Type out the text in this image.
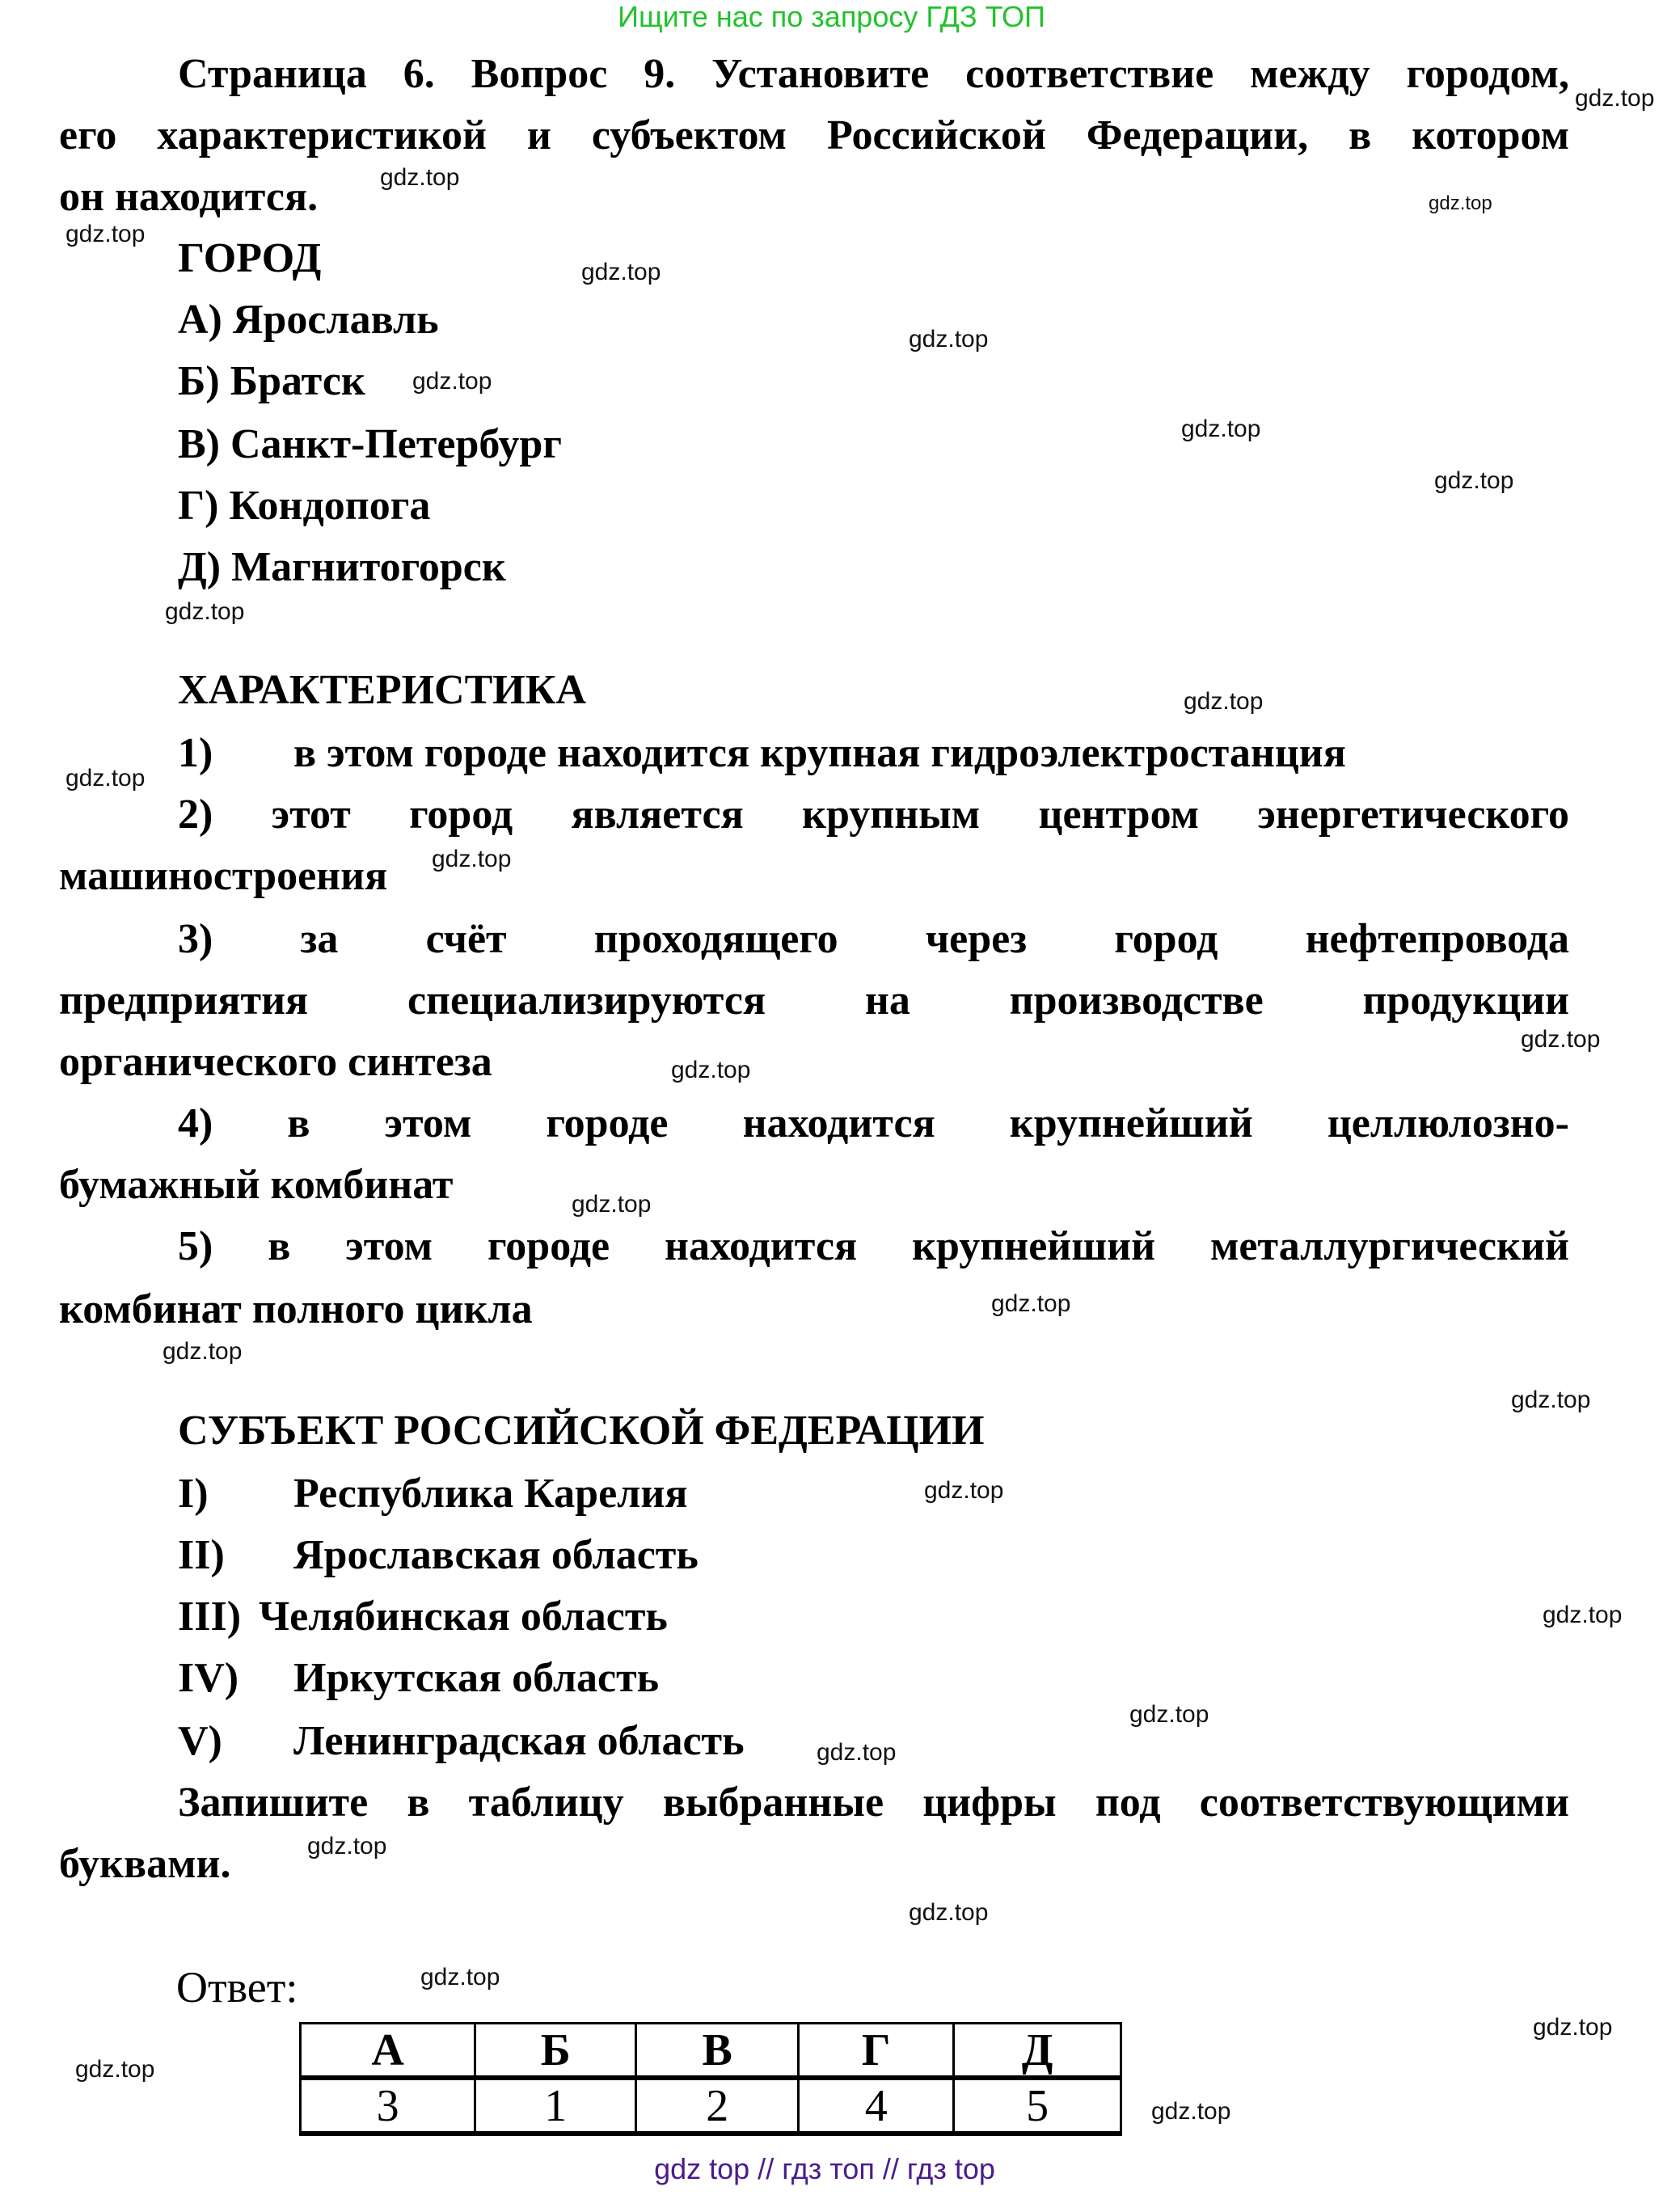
Ищите нас по запросу ГДЗ ТОП
Страница 6. Вопрос 9. Установите соответствие между городом,
его характеристикой и субъектом Российской Федерации, в котором
он находится.
ГОРОД
А) Ярославль
Б) Братск
В) Санкт-Петербург
Г) Кондопога
Д) Магнитогорск
ХАРАКТЕРИСТИКА
1) в этом городе находится крупная гидроэлектростанция
2) этот город является крупным центром энергетического
машиностроения
3) за счёт проходящего через город нефтепровода
предприятия специализируются на производстве продукции
органического синтеза
4) в этом городе находится крупнейший целлюлозно-
бумажный комбинат
5) в этом городе находится крупнейший металлургический
комбинат полного цикла
СУБЪЕКТ РОССИЙСКОЙ ФЕДЕРАЦИИ
I) Республика Карелия
II) Ярославская область
III) Челябинская область
IV) Иркутская область
V) Ленинградская область
Запишите в таблицу выбранные цифры под соответствующими
буквами.
Ответ:
А	Б	В	Г	Д
3	1	2	4	5
gdz top // гдз топ // гдз top
gdz.top
gdz.top
gdz.top
gdz.top
gdz.top
gdz.top
gdz.top
gdz.top
gdz.top
gdz.top
gdz.top
gdz.top
gdz.top
gdz.top
gdz.top
gdz.top
gdz.top
gdz.top
gdz.top
gdz.top
gdz.top
gdz.top
gdz.top
gdz.top
gdz.top
gdz.top
gdz.top
gdz.top
gdz.top
